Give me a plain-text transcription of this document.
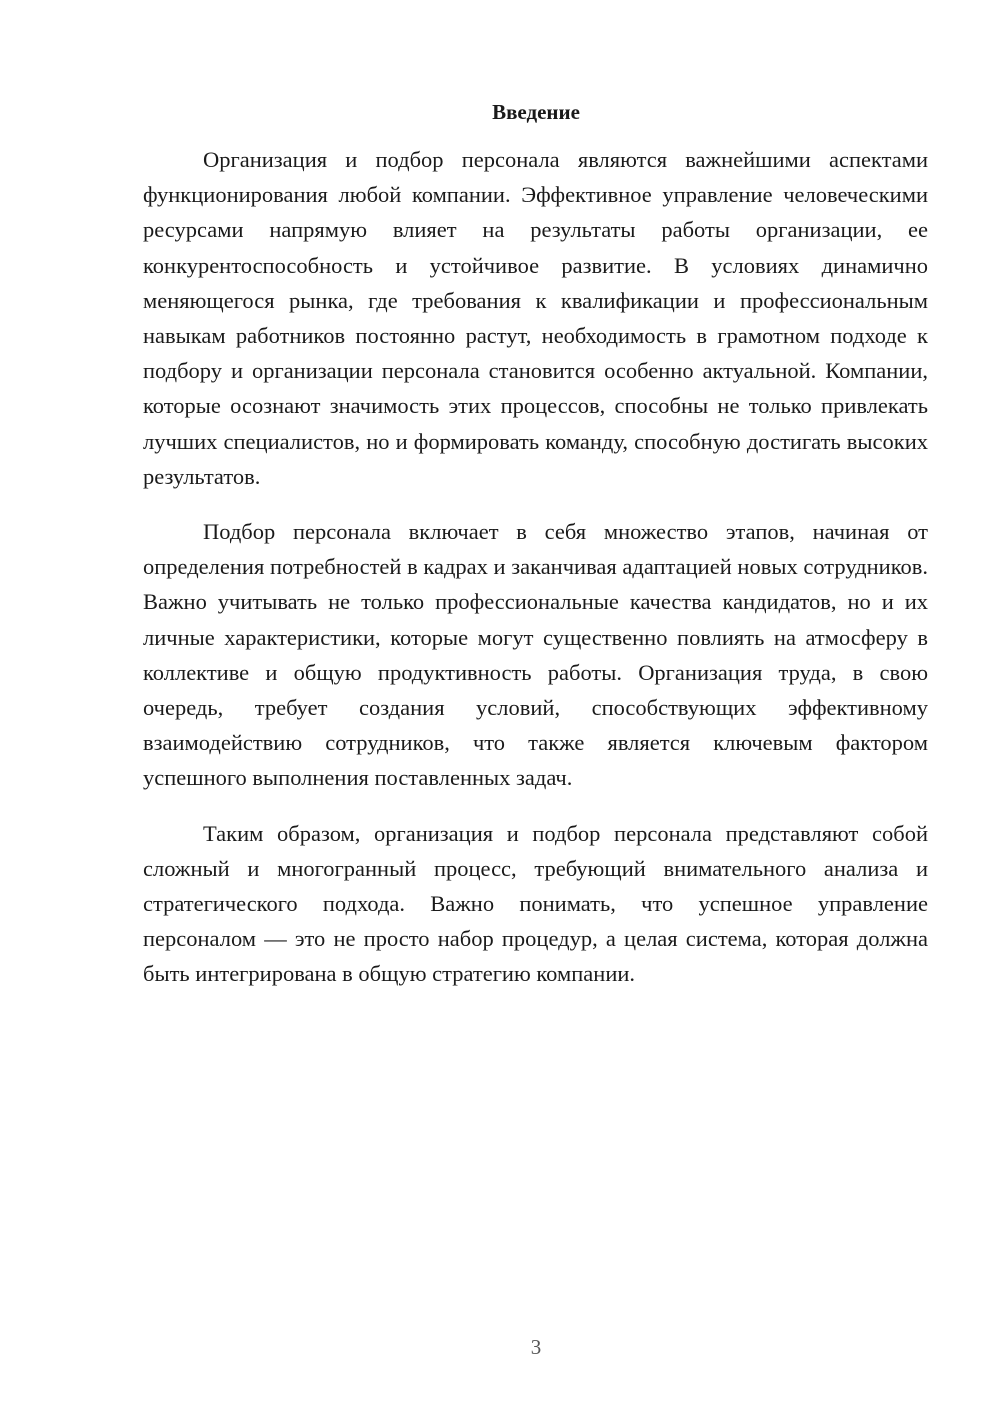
Введение

Организация и подбор персонала являются важнейшими аспектами функционирования любой компании. Эффективное управление человеческими ресурсами напрямую влияет на результаты работы организации, ее конкурентоспособность и устойчивое развитие. В условиях динамично меняющегося рынка, где требования к квалификации и профессиональным навыкам работников постоянно растут, необходимость в грамотном подходе к подбору и организации персонала становится особенно актуальной. Компании, которые осознают значимость этих процессов, способны не только привлекать лучших специалистов, но и формировать команду, способную достигать высоких результатов.

Подбор персонала включает в себя множество этапов, начиная от определения потребностей в кадрах и заканчивая адаптацией новых сотрудников. Важно учитывать не только профессиональные качества кандидатов, но и их личные характеристики, которые могут существенно повлиять на атмосферу в коллективе и общую продуктивность работы. Организация труда, в свою очередь, требует создания условий, способствующих эффективному взаимодействию сотрудников, что также является ключевым фактором успешного выполнения поставленных задач.

Таким образом, организация и подбор персонала представляют собой сложный и многогранный процесс, требующий внимательного анализа и стратегического подхода. Важно понимать, что успешное управление персоналом — это не просто набор процедур, а целая система, которая должна быть интегрирована в общую стратегию компании.

3
